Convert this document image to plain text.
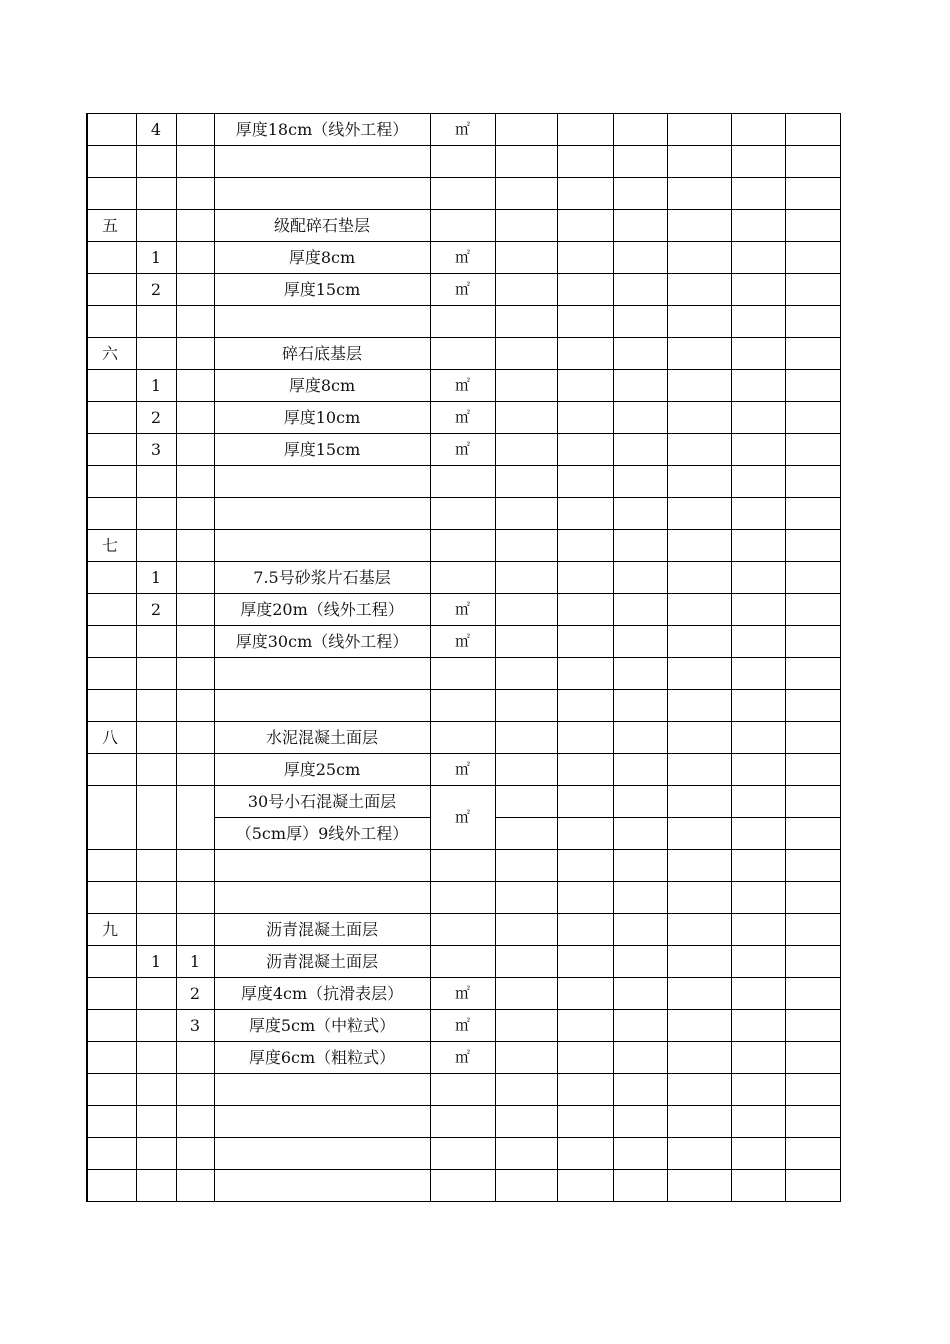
	4		厚度18cm（线外工程）	㎡						

五			级配碎石垫层							
	1		厚度8cm	㎡						
	2		厚度15cm	㎡						

六			碎石底基层							
	1		厚度8cm	㎡						
	2		厚度10cm	㎡						
	3		厚度15cm	㎡						

七										
	1		7.5号砂浆片石基层							
	2		厚度20m（线外工程）	㎡						
			厚度30cm（线外工程）	㎡						

八			水泥混凝土面层							
			厚度25cm	㎡						
			30号小石混凝土面层	㎡						
			（5cm厚）9线外工程）							

九			沥青混凝土面层							
	1	1	沥青混凝土面层							
		2	厚度4cm（抗滑表层）	㎡						
		3	厚度5cm（中粒式）	㎡						
			厚度6cm（粗粒式）	㎡						
